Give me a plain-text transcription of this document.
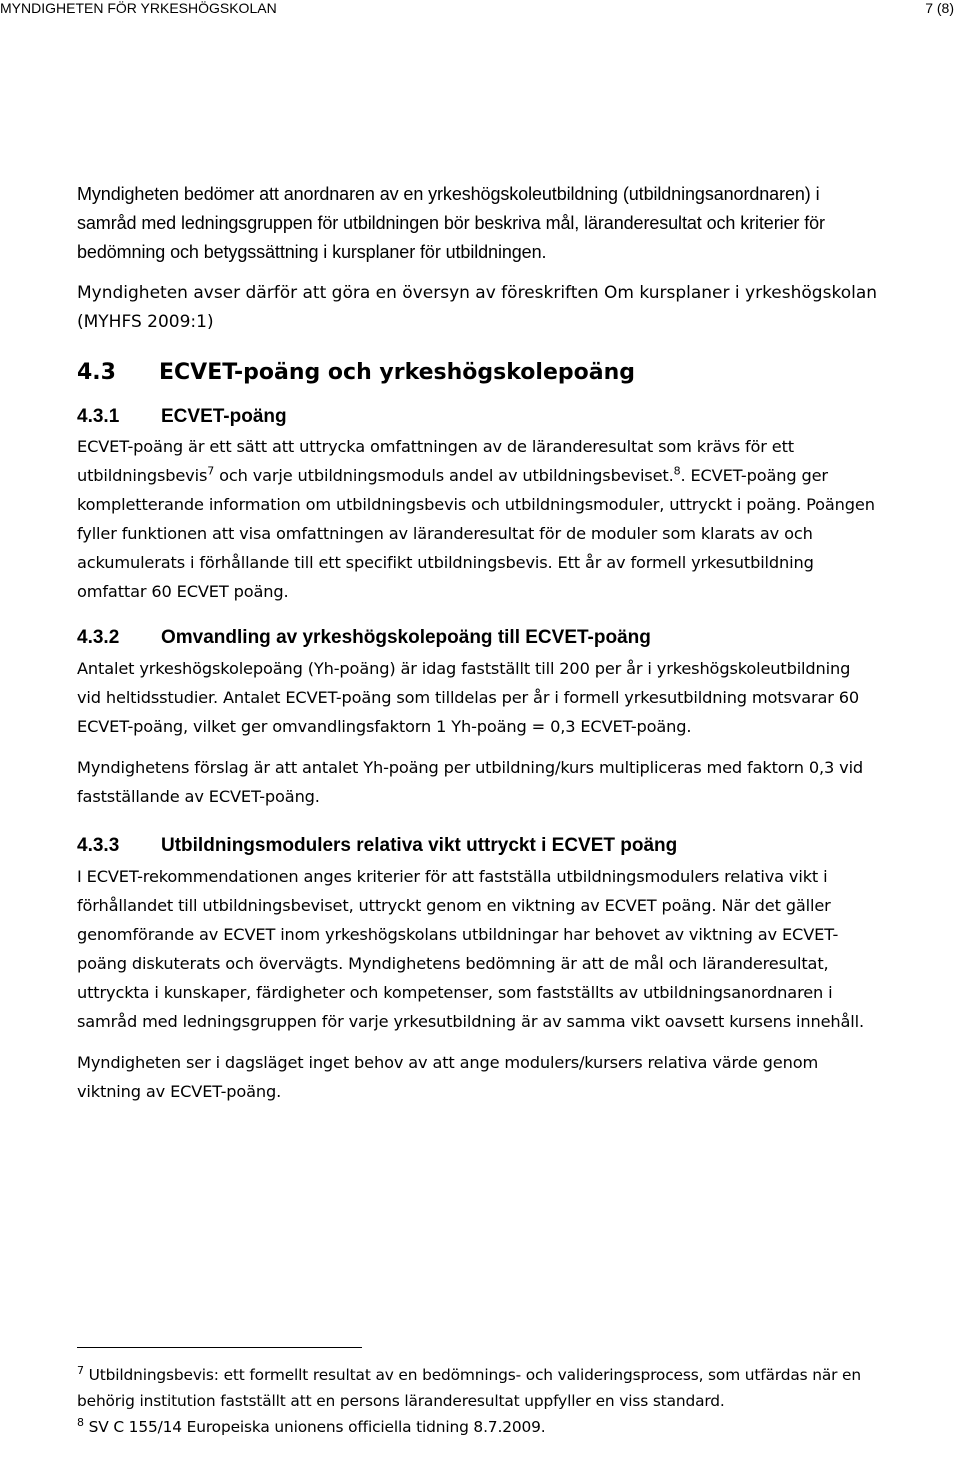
MYNDIGHETEN FÖR YRKESHÖGSKOLAN	7 (8)

Myndigheten bedömer att anordnaren av en yrkeshögskoleutbildning (utbildningsanordnaren) i samråd med ledningsgruppen för utbildningen bör beskriva mål, läranderesultat och kriterier för bedömning och betygssättning i kursplaner för utbildningen.

Myndigheten avser därför att göra en översyn av föreskriften Om kursplaner i yrkeshögskolan (MYHFS 2009:1)

4.3 ECVET-poäng och yrkeshögskolepoäng
4.3.1 ECVET-poäng

ECVET-poäng är ett sätt att uttrycka omfattningen av de läranderesultat som krävs för ett utbildningsbevis$^7$ och varje utbildningsmoduls andel av utbildningsbeviset.$^8$. ECVET-poäng ger kompletterande information om utbildningsbevis och utbildningsmoduler, uttryckt i poäng. Poängen fyller funktionen att visa omfattningen av läranderesultat för de moduler som klarats av och ackumulerats i förhållande till ett specifikt utbildningsbevis. Ett år av formell yrkesutbildning omfattar 60 ECVET poäng.

4.3.2 Omvandling av yrkeshögskolepoäng till ECVET-poäng

Antalet yrkeshögskolepoäng (Yh-poäng) är idag fastställt till 200 per år i yrkeshögskoleutbildning vid heltidsstudier. Antalet ECVET-poäng som tilldelas per år i formell yrkesutbildning motsvarar 60 ECVET-poäng, vilket ger omvandlingsfaktorn 1 Yh-poäng = 0,3 ECVET-poäng.

Myndighetens förslag är att antalet Yh-poäng per utbildning/kurs multipliceras med faktorn 0,3 vid fastställande av ECVET-poäng.

4.3.3 Utbildningsmodulers relativa vikt uttryckt i ECVET poäng

I ECVET-rekommendationen anges kriterier för att fastställa utbildningsmodulers relativa vikt i förhållandet till utbildningsbeviset, uttryckt genom en viktning av ECVET poäng. När det gäller genomförande av ECVET inom yrkeshögskolans utbildningar har behovet av viktning av ECVET-poäng diskuterats och övervägts. Myndighetens bedömning är att de mål och läranderesultat, uttryckta i kunskaper, färdigheter och kompetenser, som fastställts av utbildningsanordnaren i samråd med ledningsgruppen för varje yrkesutbildning är av samma vikt oavsett kursens innehåll.

Myndigheten ser i dagsläget inget behov av att ange modulers/kursers relativa värde genom viktning av ECVET-poäng.

$^7$ Utbildningsbevis: ett formellt resultat av en bedömnings- och valideringsprocess, som utfärdas när en behörig institution fastställt att en persons läranderesultat uppfyller en viss standard.

$^8$ SV C 155/14 Europeiska unionens officiella tidning 8.7.2009.
